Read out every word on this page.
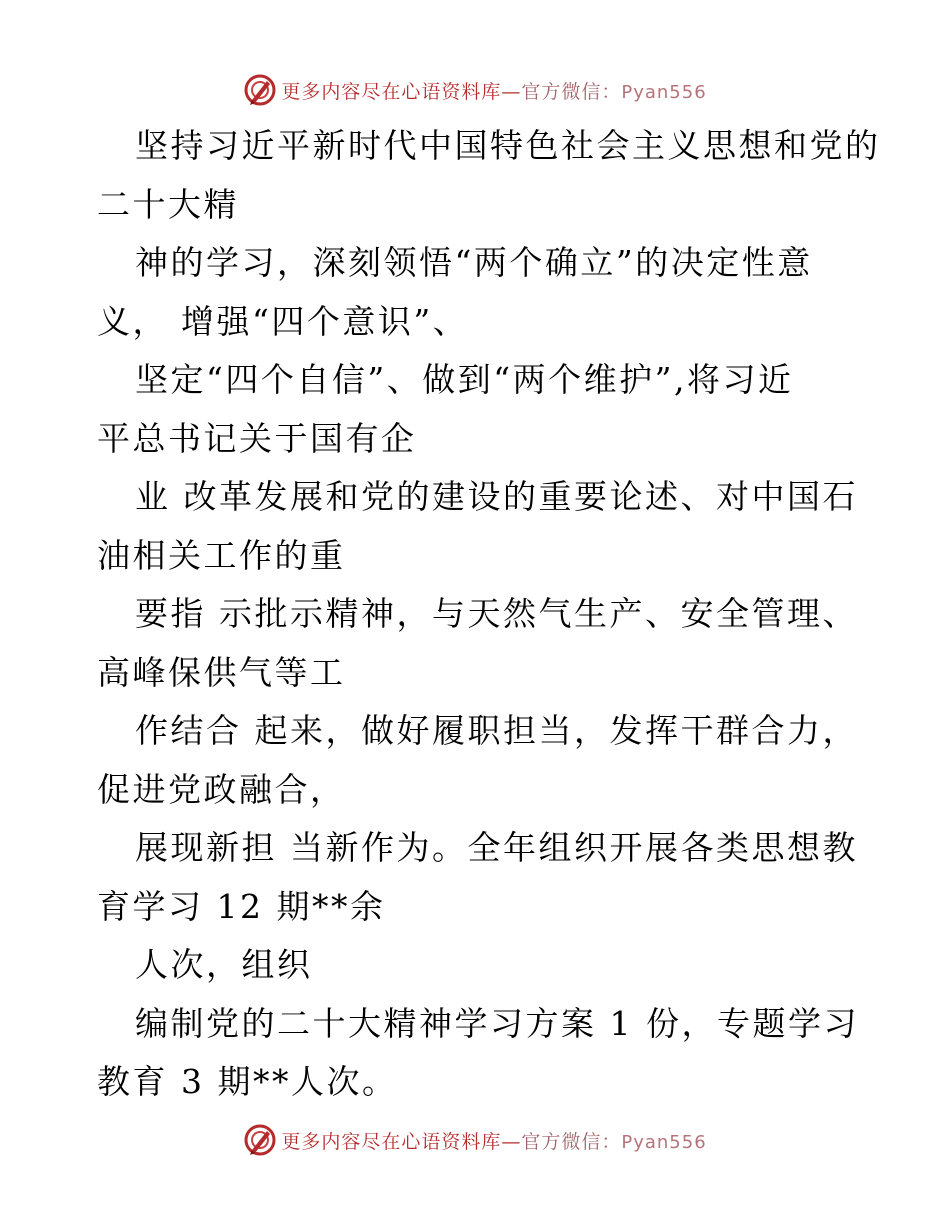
更多内容尽在心语资料库—官方微信：Pyan556
坚持习近平新时代中国特色社会主义思想和党的
二十大精
神的学习，深刻领悟“两个确立”的决定性意
义， 增强“四个意识”、
坚定“四个自信”、做到“两个维护”,将习近
平总书记关于国有企
业 改革发展和党的建设的重要论述、对中国石
油相关工作的重
要指 示批示精神，与天然气生产、安全管理、
高峰保供气等工
作结合 起来，做好履职担当，发挥干群合力，
促进党政融合，
展现新担 当新作为。全年组织开展各类思想教
育学习 12 期**余
人次，组织
编制党的二十大精神学习方案 1 份，专题学习
教育 3 期**人次。
更多内容尽在心语资料库—官方微信：Pyan556
